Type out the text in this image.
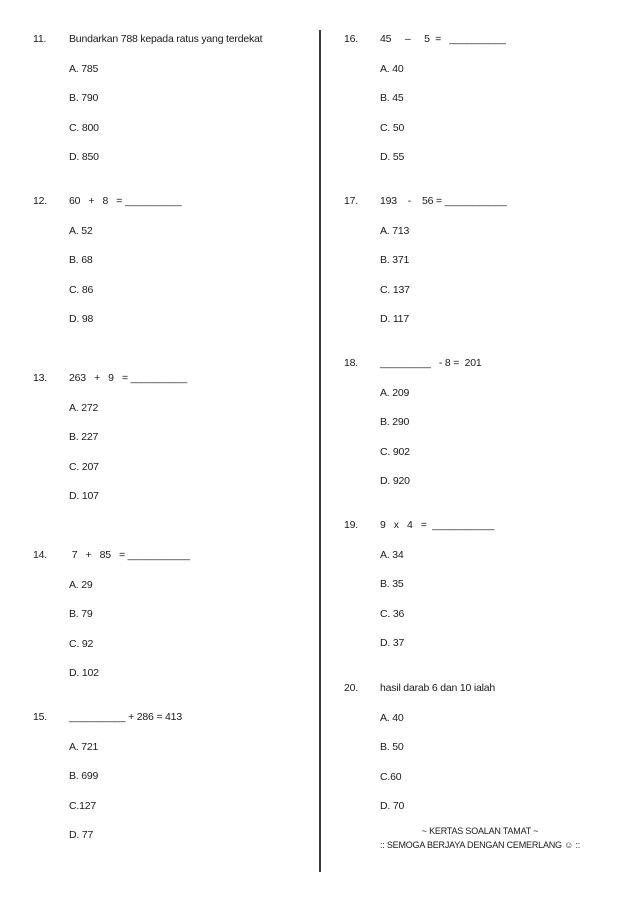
11. Bundarkan 788 kepada ratus yang terdekat
A. 785
B. 790
C. 800
D. 850
12. 60   +   8   = __________
A. 52
B. 68
C. 86
D. 98
13. 263   +   9   = __________
A. 272
B. 227
C. 207
D. 107
14. 7   +   85   = ___________
A. 29
B. 79
C. 92
D. 102
15. __________ + 286 = 413
A. 721
B. 699
C.127
D. 77
16. 45     –     5  =   __________
A. 40
B. 45
C. 50
D. 55
17. 193    -    56 = ___________
A. 713
B. 371
C. 137
D. 117
18. _________   - 8 =  201
A. 209
B. 290
C. 902
D. 920
19. 9   x   4   =  ___________
A. 34
B. 35
C. 36
D. 37
20. hasil darab 6 dan 10 ialah
A. 40
B. 50
C.60
D. 70
~ KERTAS SOALAN TAMAT ~
:: SEMOGA BERJAYA DENGAN CEMERLANG ☺ ::
